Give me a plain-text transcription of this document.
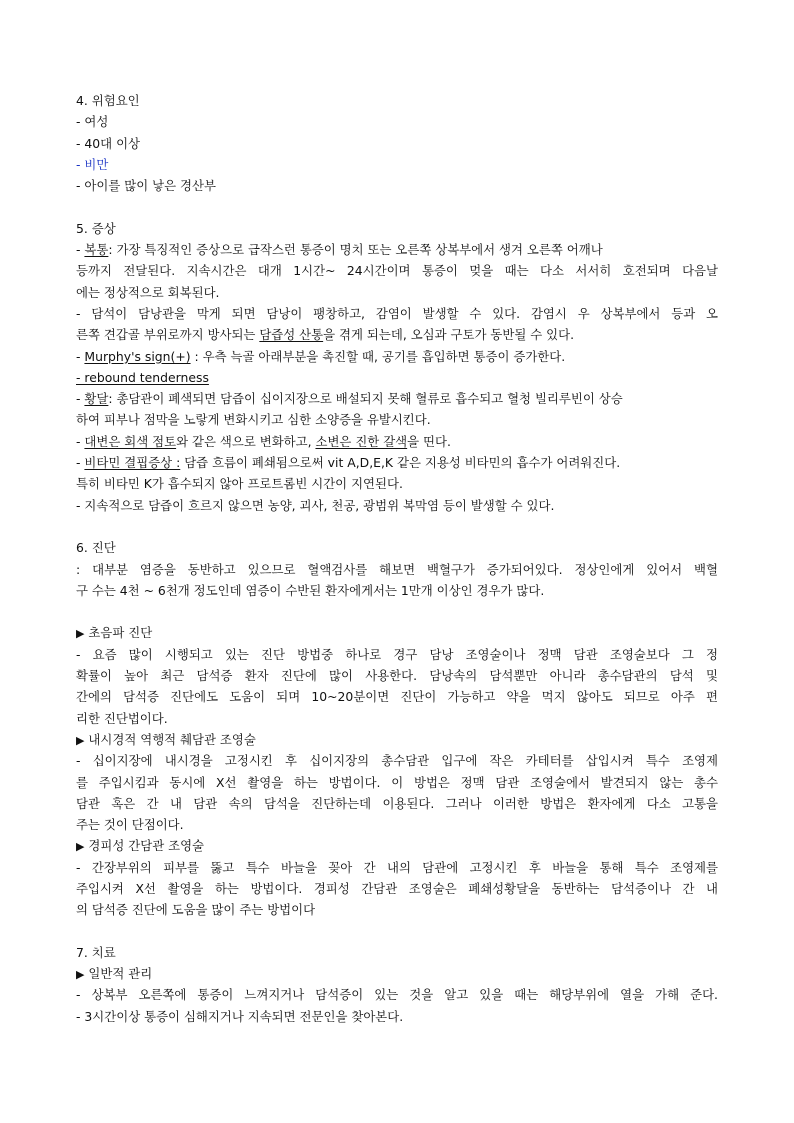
4. 위험요인
- 여성
- 40대 이상
- 비만
- 아이를 많이 낳은 경산부
5. 증상
- 복통: 가장 특징적인 증상으로 급작스런 통증이 명치 또는 오른쪽 상복부에서 생겨 오른쪽 어깨나
등까지 전달된다. 지속시간은 대개 1시간~ 24시간이며 통증이 멎을 때는 다소 서서히 호전되며 다음날
에는 정상적으로 회복된다.
- 담석이 담낭관을 막게 되면 담낭이 팽창하고, 감염이 발생할 수 있다. 감염시 우 상복부에서 등과 오
른쪽 견갑골 부위로까지 방사되는 담즙성 산통을 겪게 되는데, 오심과 구토가 동반될 수 있다.
- Murphy's sign(+) : 우측 늑골 아래부분을 촉진할 때, 공기를 흡입하면 통증이 증가한다.
- rebound tenderness
- 황달: 총담관이 폐색되면 담즙이 십이지장으로 배설되지 못해 혈류로 흡수되고 혈청 빌리루빈이 상승
하여 피부나 점막을 노랗게 변화시키고 심한 소양증을 유발시킨다.
- 대변은 회색 점토와 같은 색으로 변화하고, 소변은 진한 갈색을 띤다.
- 비타민 결핍증상 : 담즙 흐름이 폐쇄됨으로써 vit A,D,E,K 같은 지용성 비타민의 흡수가 어려워진다.
특히 비타민 K가 흡수되지 않아 프로트롬빈 시간이 지연된다.
- 지속적으로 담즙이 흐르지 않으면 농양, 괴사, 천공, 광범위 복막염 등이 발생할 수 있다.
6. 진단
: 대부분 염증을 동반하고 있으므로 혈액검사를 해보면 백혈구가 증가되어있다. 정상인에게 있어서 백혈
구 수는 4천 ~ 6천개 정도인데 염증이 수반된 환자에게서는 1만개 이상인 경우가 많다.
▶ 초음파 진단
- 요즘 많이 시행되고 있는 진단 방법중 하나로 경구 담낭 조영술이나 정맥 담관 조영술보다 그 정
확률이 높아 최근 담석증 환자 진단에 많이 사용한다. 담낭속의 담석뿐만 아니라 총수담관의 담석 및
간에의 담석증 진단에도 도움이 되며 10~20분이면 진단이 가능하고 약을 먹지 않아도 되므로 아주 편
리한 진단법이다.
▶ 내시경적 역행적 췌담관 조영술
- 십이지장에 내시경을 고정시킨 후 십이지장의 총수담관 입구에 작은 카테터를 삽입시켜 특수 조영제
를 주입시킴과 동시에 X선 촬영을 하는 방법이다. 이 방법은 정맥 담관 조영술에서 발견되지 않는 총수
담관 혹은 간 내 담관 속의 담석을 진단하는데 이용된다. 그러나 이러한 방법은 환자에게 다소 고통을
주는 것이 단점이다.
▶ 경피성 간담관 조영술
- 간장부위의 피부를 뚫고 특수 바늘을 꽂아 간 내의 담관에 고정시킨 후 바늘을 통해 특수 조영제를
주입시켜 X선 촬영을 하는 방법이다. 경피성 간담관 조영술은 폐쇄성황달을 동반하는 담석증이나 간 내
의 담석증 진단에 도움을 많이 주는 방법이다
7. 치료
▶ 일반적 관리
- 상복부 오른쪽에 통증이 느껴지거나 담석증이 있는 것을 알고 있을 때는 해당부위에 열을 가해 준다.
- 3시간이상 통증이 심해지거나 지속되면 전문인을 찾아본다.
